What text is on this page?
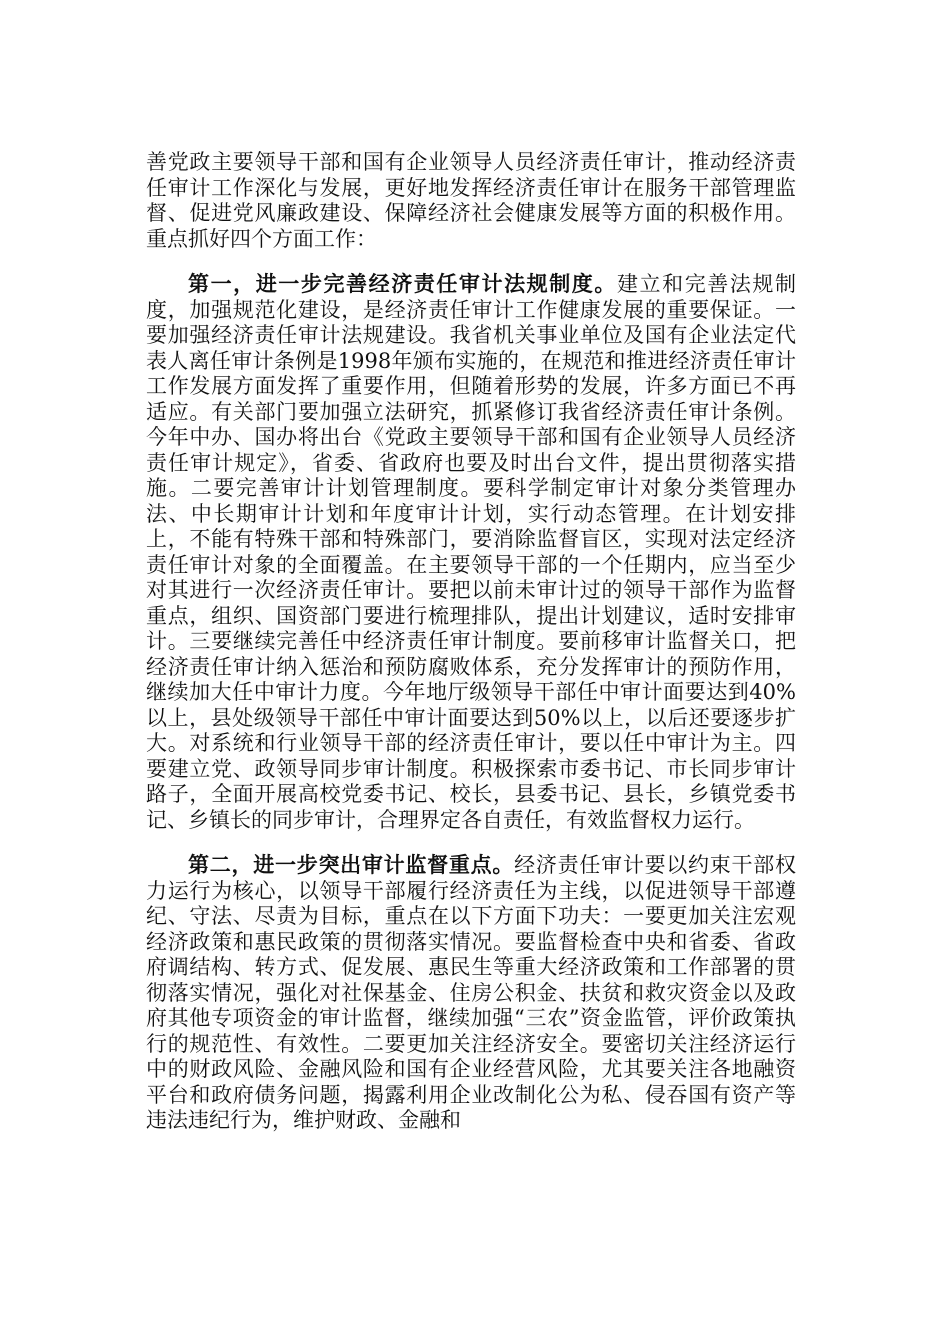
善党政主要领导干部和国有企业领导人员经济责任审计，推动经济责任审计工作深化与发展，更好地发挥经济责任审计在服务干部管理监督、促进党风廉政建设、保障经济社会健康发展等方面的积极作用。重点抓好四个方面工作：

第一，进一步完善经济责任审计法规制度。建立和完善法规制度，加强规范化建设，是经济责任审计工作健康发展的重要保证。一要加强经济责任审计法规建设。我省机关事业单位及国有企业法定代表人离任审计条例是1998年颁布实施的，在规范和推进经济责任审计工作发展方面发挥了重要作用，但随着形势的发展，许多方面已不再适应。有关部门要加强立法研究，抓紧修订我省经济责任审计条例。今年中办、国办将出台《党政主要领导干部和国有企业领导人员经济责任审计规定》，省委、省政府也要及时出台文件，提出贯彻落实措施。二要完善审计计划管理制度。要科学制定审计对象分类管理办法、中长期审计计划和年度审计计划，实行动态管理。在计划安排上，不能有特殊干部和特殊部门，要消除监督盲区，实现对法定经济责任审计对象的全面覆盖。在主要领导干部的一个任期内，应当至少对其进行一次经济责任审计。要把以前未审计过的领导干部作为监督重点，组织、国资部门要进行梳理排队，提出计划建议，适时安排审计。三要继续完善任中经济责任审计制度。要前移审计监督关口，把经济责任审计纳入惩治和预防腐败体系，充分发挥审计的预防作用，继续加大任中审计力度。今年地厅级领导干部任中审计面要达到40%以上，县处级领导干部任中审计面要达到50%以上，以后还要逐步扩大。对系统和行业领导干部的经济责任审计，要以任中审计为主。四要建立党、政领导同步审计制度。积极探索市委书记、市长同步审计路子，全面开展高校党委书记、校长，县委书记、县长，乡镇党委书记、乡镇长的同步审计，合理界定各自责任，有效监督权力运行。

第二，进一步突出审计监督重点。经济责任审计要以约束干部权力运行为核心，以领导干部履行经济责任为主线，以促进领导干部遵纪、守法、尽责为目标，重点在以下方面下功夫：一要更加关注宏观经济政策和惠民政策的贯彻落实情况。要监督检查中央和省委、省政府调结构、转方式、促发展、惠民生等重大经济政策和工作部署的贯彻落实情况，强化对社保基金、住房公积金、扶贫和救灾资金以及政府其他专项资金的审计监督，继续加强“三农”资金监管，评价政策执行的规范性、有效性。二要更加关注经济安全。要密切关注经济运行中的财政风险、金融风险和国有企业经营风险，尤其要关注各地融资平台和政府债务问题，揭露利用企业改制化公为私、侵吞国有资产等违法违纪行为，维护财政、金融和
